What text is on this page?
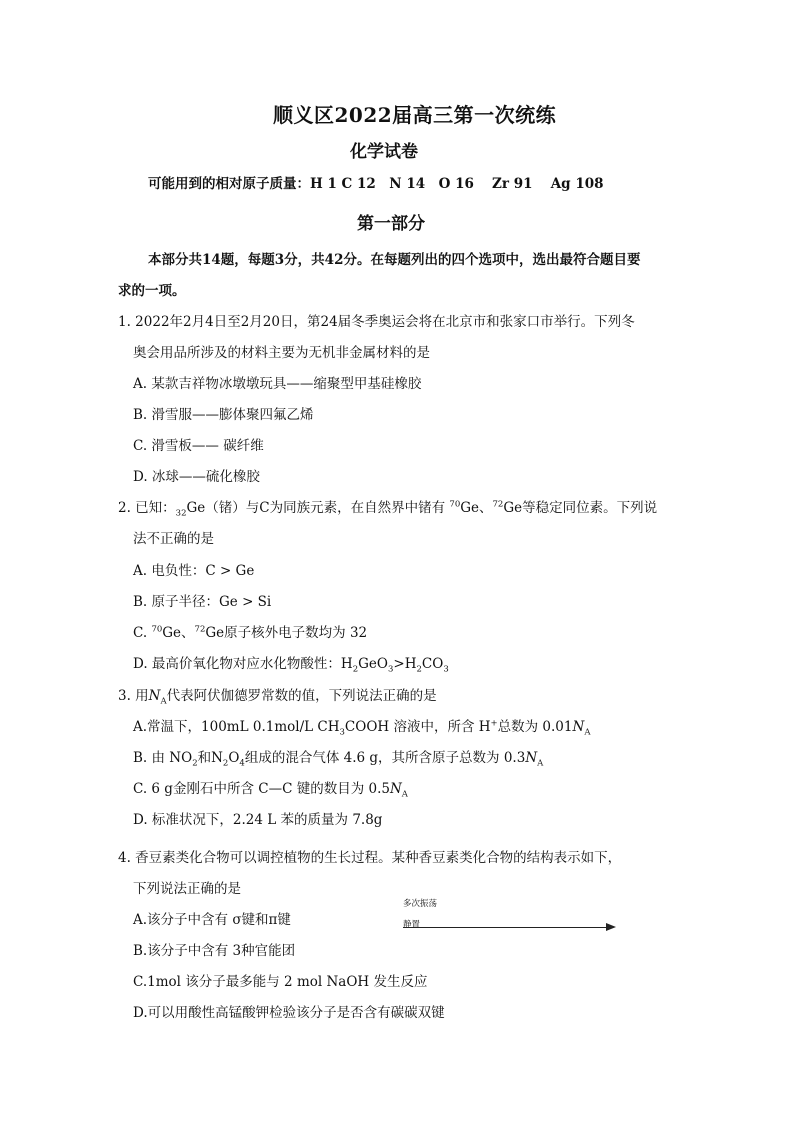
顺义区2022届高三第一次统练
化学试卷
可能用到的相对原子质量：H 1 C 12　N 14　O 16　 Zr 91　 Ag 108
第一部分
本部分共14题，每题3分，共42分。在每题列出的四个选项中，选出最符合题目要
求的一项。
1. 2022年2月4日至2月20日，第24届冬季奥运会将在北京市和张家口市举行。下列冬
奥会用品所涉及的材料主要为无机非金属材料的是
A. 某款吉祥物冰墩墩玩具——缩聚型甲基硅橡胶
B. 滑雪服——膨体聚四氟乙烯
C. 滑雪板—— 碳纤维
D. 冰球——硫化橡胶
2. 已知：$_{32}$Ge（锗）与C为同族元素，在自然界中锗有 $^{70}$Ge、$^{72}$Ge等稳定同位素。下列说
法不正确的是
A. 电负性：C > Ge
B. 原子半径：Ge > Si
C. $^{70}$Ge、$^{72}$Ge原子核外电子数均为 32
D. 最高价氧化物对应水化物酸性：$H_2GeO_3>H_2CO_3$
3. 用$N_A$代表阿伏伽德罗常数的值，下列说法正确的是
A.常温下，100mL 0.1mol/L $CH_3COOH$ 溶液中，所含 H+总数为 $0.01N_A$
B. 由 $NO_2$和$N_2O_4$组成的混合气体 4.6 g，其所含原子总数为 $0.3N_A$
C. 6 g金刚石中所含 C—C 键的数目为 $0.5N_A$
D. 标准状况下，2.24 L 苯的质量为 7.8g
4. 香豆素类化合物可以调控植物的生长过程。某种香豆素类化合物的结构表示如下，
下列说法正确的是
多次振荡
静置
A.该分子中含有 σ键和π键
B.该分子中含有 3种官能团
C.1mol 该分子最多能与 2 mol NaOH 发生反应
D.可以用酸性高锰酸钾检验该分子是否含有碳碳双键
